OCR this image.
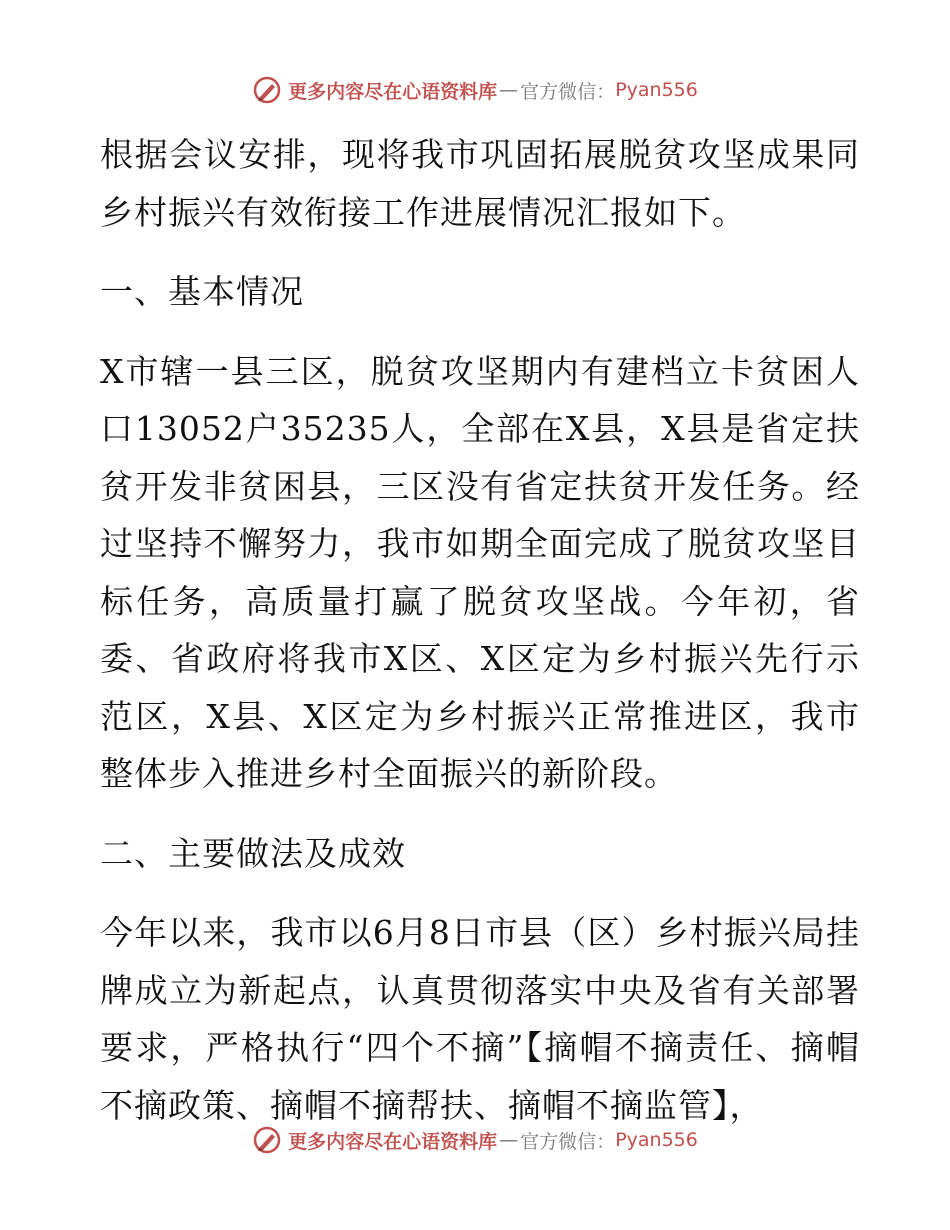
更多内容尽在心语资料库 — 官方微信： Pyan556

根据会议安排，现将我市巩固拓展脱贫攻坚成果同乡村振兴有效衔接工作进展情况汇报如下。

一、基本情况

X市辖一县三区，脱贫攻坚期内有建档立卡贫困人口13052户35235人，全部在X县，X县是省定扶贫开发非贫困县，三区没有省定扶贫开发任务。经过坚持不懈努力，我市如期全面完成了脱贫攻坚目标任务，高质量打赢了脱贫攻坚战。今年初，省委、省政府将我市X区、X区定为乡村振兴先行示范区，X县、X区定为乡村振兴正常推进区，我市整体步入推进乡村全面振兴的新阶段。

二、主要做法及成效

今年以来，我市以6月8日市县（区）乡村振兴局挂牌成立为新起点，认真贯彻落实中央及省有关部署要求，严格执行“四个不摘”【摘帽不摘责任、摘帽不摘政策、摘帽不摘帮扶、摘帽不摘监管】，

更多内容尽在心语资料库 — 官方微信： Pyan556
